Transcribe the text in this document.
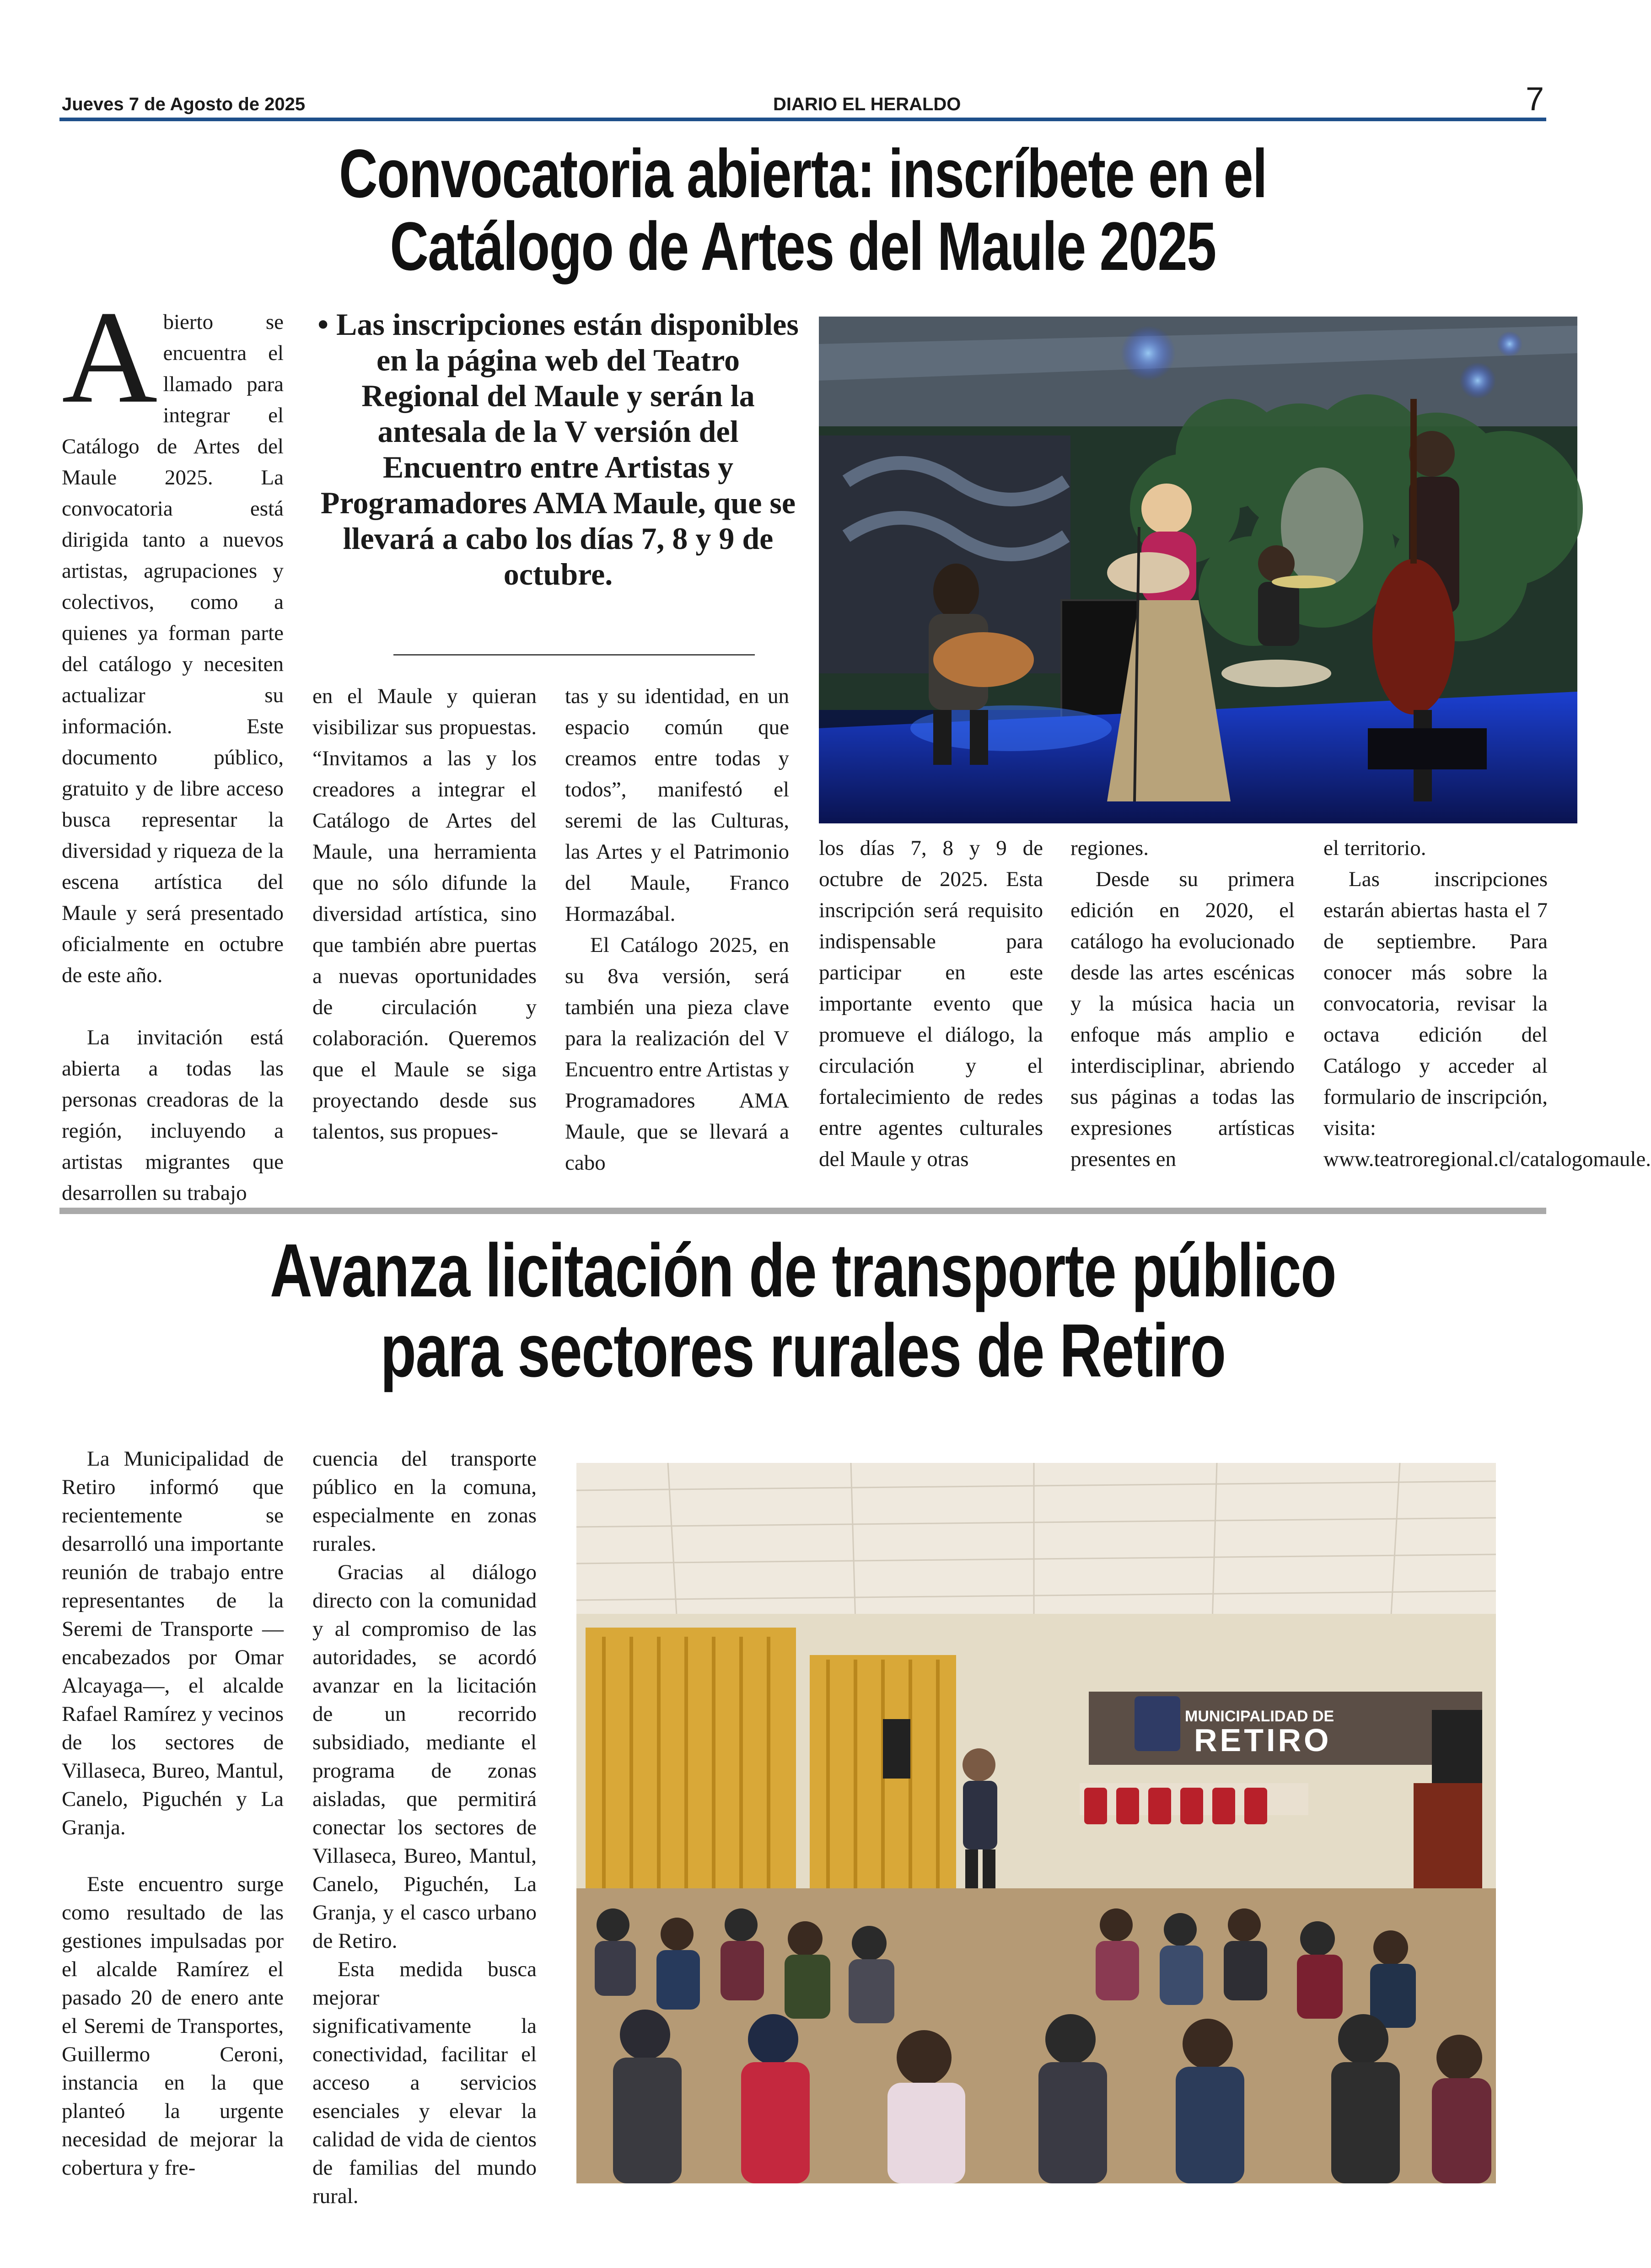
Jueves 7 de Agosto de 2025	DIARIO EL HERALDO	7
Convocatoria abierta: inscríbete en el
Catálogo de Artes del Maule 2025

A bierto se encuentra el llamado para integrar el Catálogo de Artes del Maule 2025. La convocatoria está dirigida tanto a nuevos artistas, agrupaciones y colectivos, como a quienes ya forman parte del catálogo y necesiten actualizar su información. Este documento público, gratuito y de libre acceso busca representar la diversidad y riqueza de la escena artística del Maule y será presentado oficialmente en octubre de este año.

La invitación está abierta a todas las personas creadoras de la región, incluyendo a artistas migrantes que desarrollen su trabajo

• Las inscripciones están disponibles en la página web del Teatro Regional del Maule y serán la antesala de la V versión del Encuentro entre Artistas y Programadores AMA Maule, que se llevará a cabo los días 7, 8 y 9 de octubre.

en el Maule y quieran visibilizar sus propuestas. “Invitamos a las y los creadores a integrar el Catálogo de Artes del Maule, una herramienta que no sólo difunde la diversidad artística, sino que también abre puertas a nuevas oportunidades de circulación y colaboración. Queremos que el Maule se siga proyectando desde sus talentos, sus propues-

tas y su identidad, en un espacio común que creamos entre todas y todos”, manifestó el seremi de las Culturas, las Artes y el Patrimonio del Maule, Franco Hormazábal.

El Catálogo 2025, en su 8va versión, será también una pieza clave para la realización del V Encuentro entre Artistas y Programadores AMA Maule, que se llevará a cabo

los días 7, 8 y 9 de octubre de 2025. Esta inscripción será requisito indispensable para participar en este importante evento que promueve el diálogo, la circulación y el fortalecimiento de redes entre agentes culturales del Maule y otras

regiones.

Desde su primera edición en 2020, el catálogo ha evolucionado desde las artes escénicas y la música hacia un enfoque más amplio e interdisciplinar, abriendo sus páginas a todas las expresiones artísticas presentes en

el territorio.

Las inscripciones estarán abiertas hasta el 7 de septiembre. Para conocer más sobre la convocatoria, revisar la octava edición del Catálogo y acceder al formulario de inscripción, visita: www.teatroregional.cl/catalogomaule.

Avanza licitación de transporte público
para sectores rurales de Retiro

La Municipalidad de Retiro informó que recientemente se desarrolló una importante reunión de trabajo entre representantes de la Seremi de Transporte —encabezados por Omar Alcayaga—, el alcalde Rafael Ramírez y vecinos de los sectores de Villaseca, Bureo, Mantul, Canelo, Piguchén y La Granja.

Este encuentro surge como resultado de las gestiones impulsadas por el alcalde Ramírez el pasado 20 de enero ante el Seremi de Transportes, Guillermo Ceroni, instancia en la que planteó la urgente necesidad de mejorar la cobertura y fre-

cuencia del transporte público en la comuna, especialmente en zonas rurales.

Gracias al diálogo directo con la comunidad y al compromiso de las autoridades, se acordó avanzar en la licitación de un recorrido subsidiado, mediante el programa de zonas aisladas, que permitirá conectar los sectores de Villaseca, Bureo, Mantul, Canelo, Piguchén, La Granja, y el casco urbano de Retiro.

Esta medida busca mejorar significativamente la conectividad, facilitar el acceso a servicios esenciales y elevar la calidad de vida de cientos de familias del mundo rural.

MUNICIPALIDAD DE
RETIRO
